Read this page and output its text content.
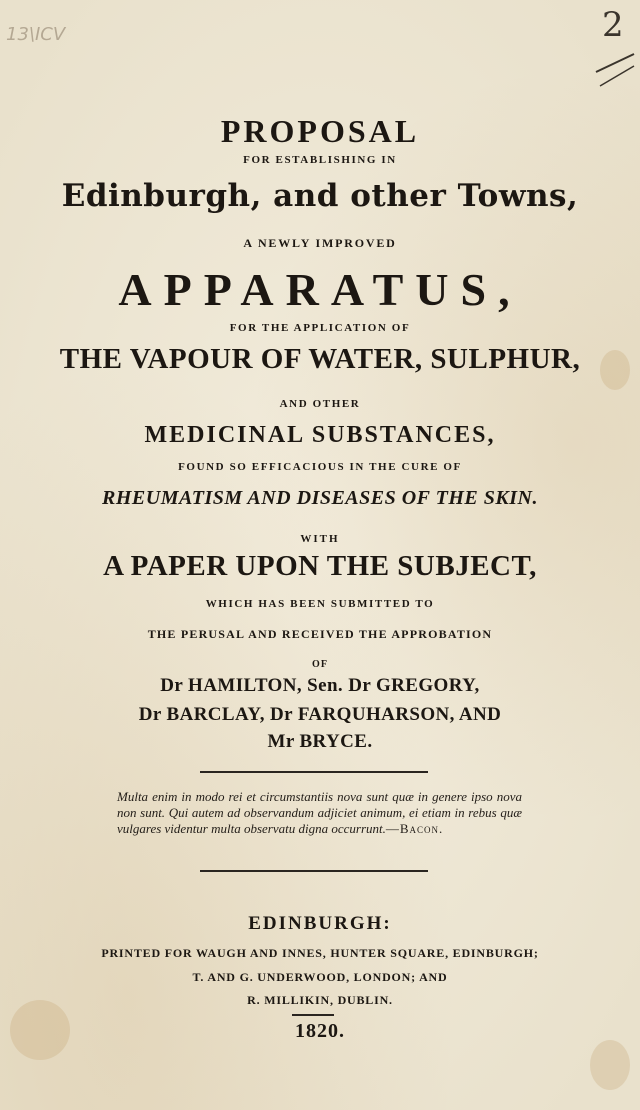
13\ICV	2
PROPOSAL
FOR ESTABLISHING IN
Edinburgh, and other Towns,
A NEWLY IMPROVED
APPARATUS,
FOR THE APPLICATION OF
THE VAPOUR OF WATER, SULPHUR,
AND OTHER
MEDICINAL SUBSTANCES,
FOUND SO EFFICACIOUS IN THE CURE OF
RHEUMATISM AND DISEASES OF THE SKIN.
WITH
A PAPER UPON THE SUBJECT,
WHICH HAS BEEN SUBMITTED TO
THE PERUSAL AND RECEIVED THE APPROBATION
OF
Dr HAMILTON, Sen. Dr GREGORY,
Dr BARCLAY, Dr FARQUHARSON, AND
Mr BRYCE.
Multa enim in modo rei et circumstantiis nova sunt quæ in genere ipso nova non sunt. Qui autem ad observandum adjiciet animum, ei etiam in rebus quæ vulgares videntur multa observatu digna occurrunt.—Bacon.
EDINBURGH:
PRINTED FOR WAUGH AND INNES, HUNTER SQUARE, EDINBURGH;
T. AND G. UNDERWOOD, LONDON; AND
R. MILLIKIN, DUBLIN.
1820.
